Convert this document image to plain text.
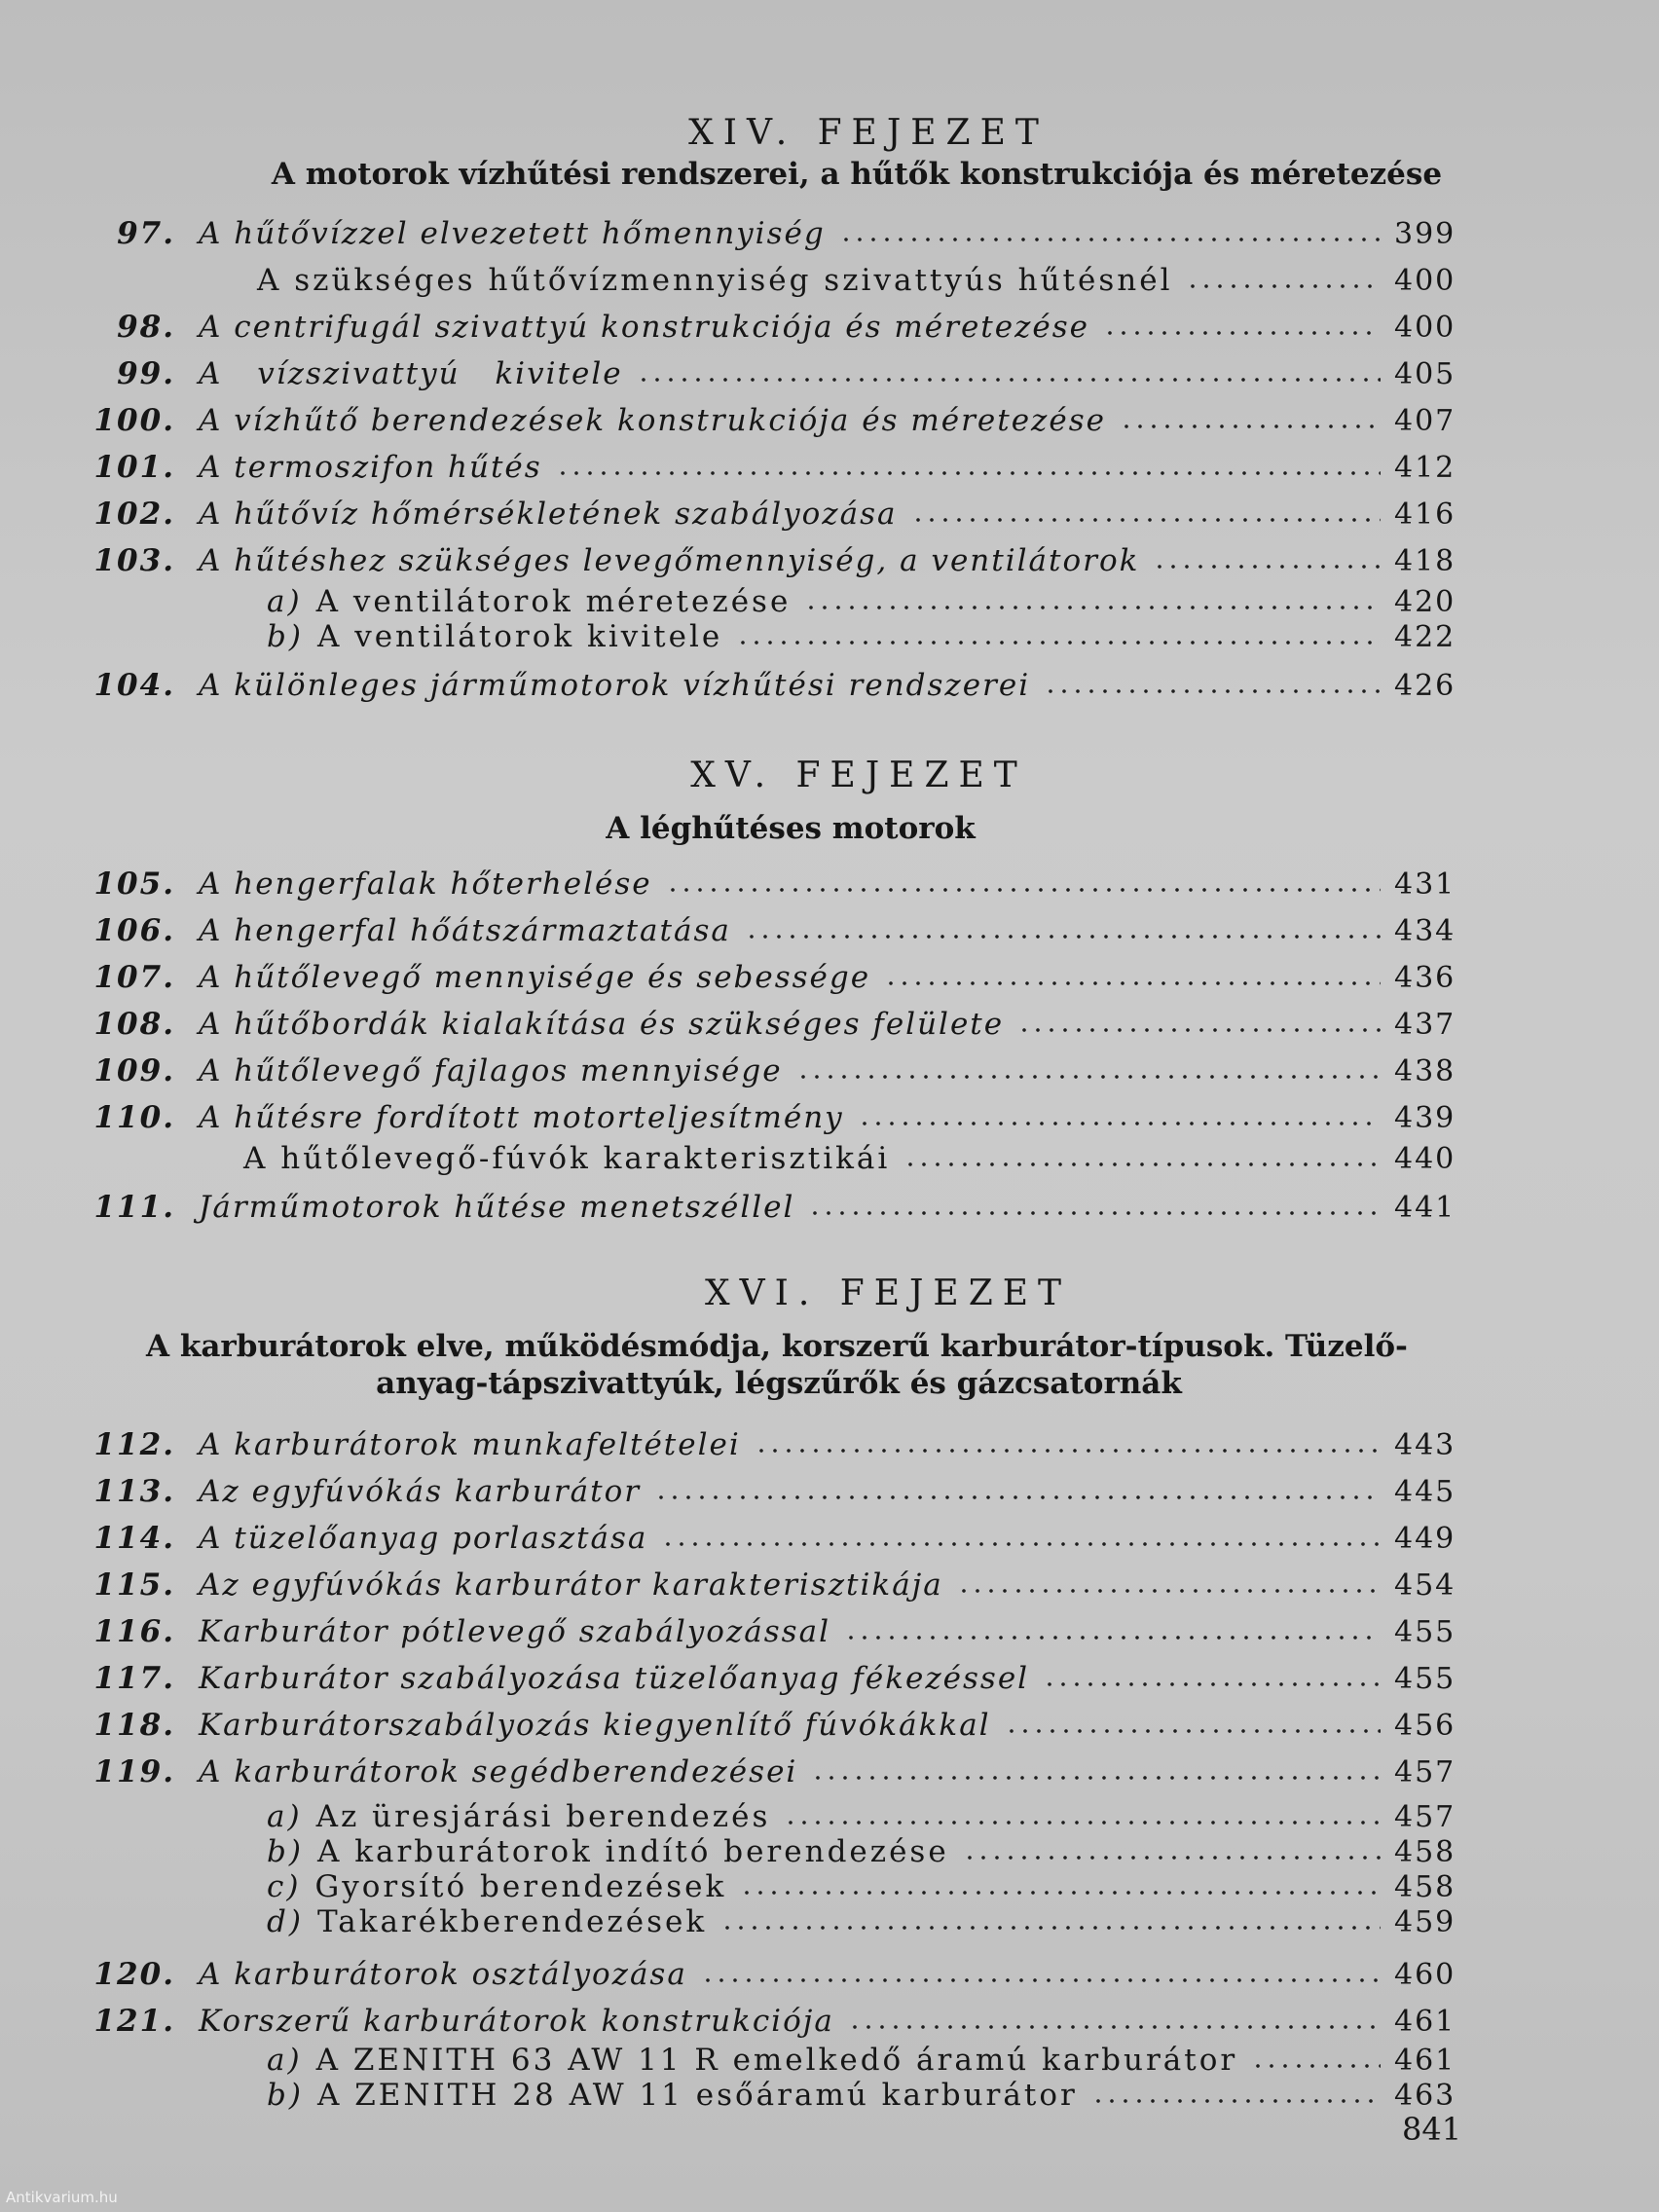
XIV. FEJEZET
A motorok vízhűtési rendszerei, a hűtők konstrukciója és méretezése
97. A hűtővízzel elvezetett hőmennyiség	399
A szükséges hűtővízmennyiség szivattyús hűtésnél	400
98. A centrifugál szivattyú konstrukciója és méretezése	400
99. A vízszivattyú kivitele	405
100. A vízhűtő berendezések konstrukciója és méretezése	407
101. A termoszifon hűtés	412
102. A hűtővíz hőmérsékletének szabályozása	416
103. A hűtéshez szükséges levegőmennyiség, a ventilátorok	418
a) A ventilátorok méretezése	420
b) A ventilátorok kivitele	422
104. A különleges járműmotorok vízhűtési rendszerei	426
XV. FEJEZET
A léghűtéses motorok
105. A hengerfalak hőterhelése	431
106. A hengerfal hőátszármaztatása	434
107. A hűtőlevegő mennyisége és sebessége	436
108. A hűtőbordák kialakítása és szükséges felülete	437
109. A hűtőlevegő fajlagos mennyisége	438
110. A hűtésre fordított motorteljesítmény	439
A hűtőlevegő-fúvók karakterisztikái	440
111. Járműmotorok hűtése menetszéllel	441
XVI. FEJEZET
A karburátorok elve, működésmódja, korszerű karburátor-típusok. Tüzelő-
anyag-tápszivattyúk, légszűrők és gázcsatornák
112. A karburátorok munkafeltételei	443
113. Az egyfúvókás karburátor	445
114. A tüzelőanyag porlasztása	449
115. Az egyfúvókás karburátor karakterisztikája	454
116. Karburátor pótlevegő szabályozással	455
117. Karburátor szabályozása tüzelőanyag fékezéssel	455
118. Karburátorszabályozás kiegyenlítő fúvókákkal	456
119. A karburátorok segédberendezései	457
a) Az üresjárási berendezés	457
b) A karburátorok indító berendezése	458
c) Gyorsító berendezések	458
d) Takarékberendezések	459
120. A karburátorok osztályozása	460
121. Korszerű karburátorok konstrukciója	461
a) A ZENITH 63 AW 11 R emelkedő áramú karburátor	461
b) A ZENITH 28 AW 11 esőáramú karburátor	463
841
Antikvarium.hu
